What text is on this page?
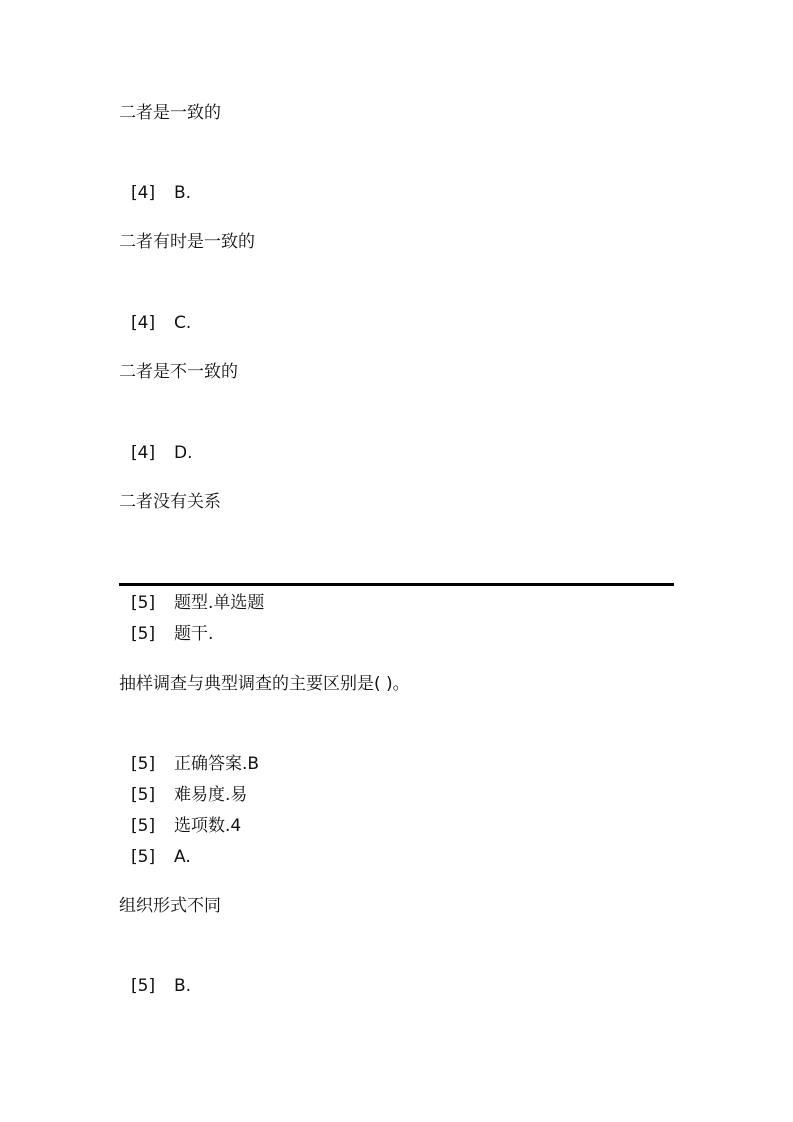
二者是一致的
[4] B.
二者有时是一致的
[4] C.
二者是不一致的
[4] D.
二者没有关系
[5] 题型.单选题
[5] 题干.
抽样调查与典型调查的主要区别是( )。
[5] 正确答案.B
[5] 难易度.易
[5] 选项数.4
[5] A.
组织形式不同
[5] B.
